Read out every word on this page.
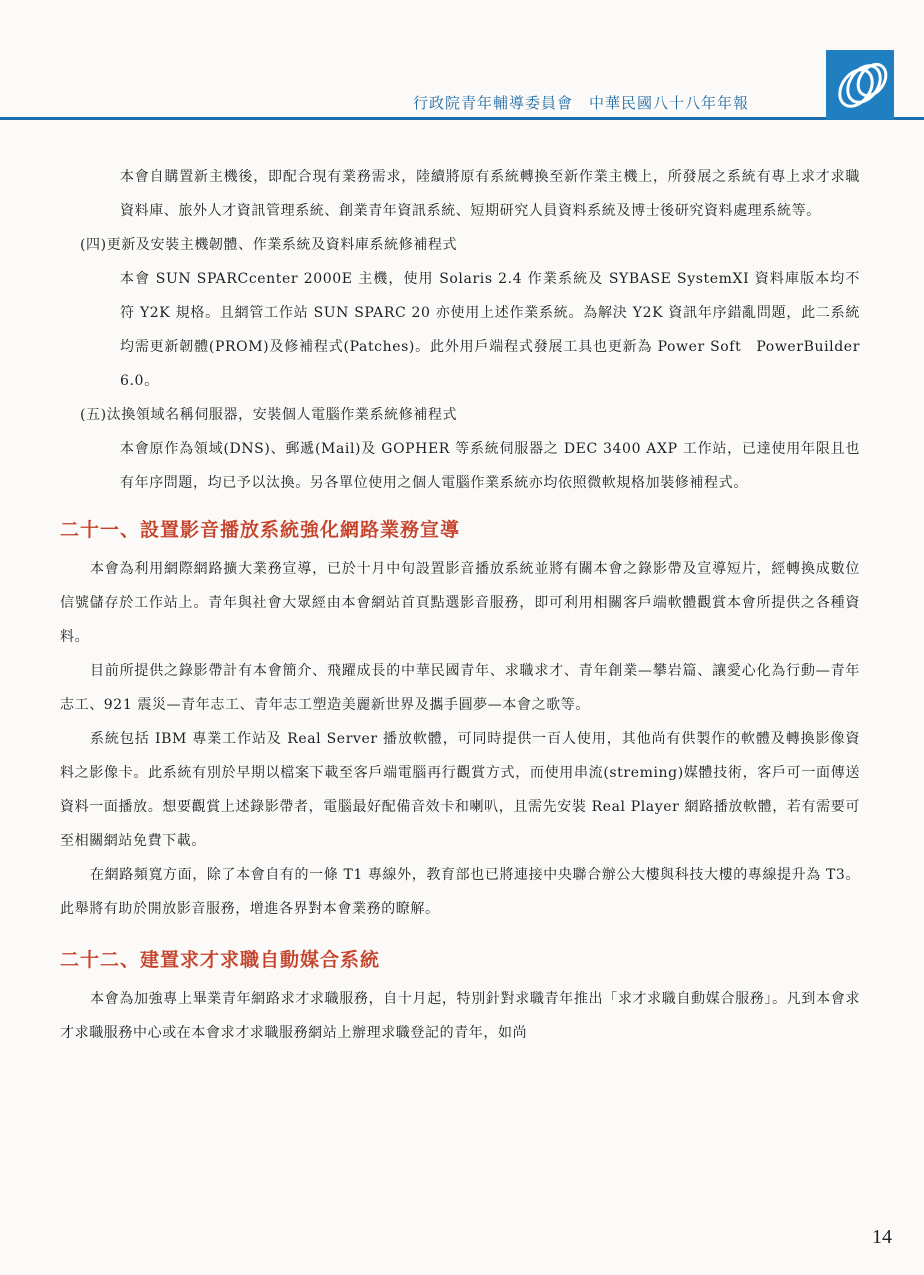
行政院青年輔導委員會　中華民國八十八年年報

本會自購置新主機後，即配合現有業務需求，陸續將原有系統轉換至新作業主機上，所發展之系統有專上求才求職資料庫、旅外人才資訊管理系統、創業青年資訊系統、短期研究人員資料系統及博士後研究資料處理系統等。

(四)更新及安裝主機韌體、作業系統及資料庫系統修補程式

本會 SUN SPARCcenter 2000E 主機，使用 Solaris 2.4 作業系統及 SYBASE SystemXI 資料庫版本均不符 Y2K 規格。且網管工作站 SUN SPARC 20 亦使用上述作業系統。為解決 Y2K 資訊年序錯亂問題，此二系統均需更新韌體(PROM)及修補程式(Patches)。此外用戶端程式發展工具也更新為 Power Soft　PowerBuilder 6.0。

(五)汰換領域名稱伺服器，安裝個人電腦作業系統修補程式

本會原作為領域(DNS)、郵遞(Mail)及 GOPHER 等系統伺服器之 DEC 3400 AXP 工作站，已達使用年限且也有年序問題，均已予以汰換。另各單位使用之個人電腦作業系統亦均依照微軟規格加裝修補程式。

二十一、設置影音播放系統強化網路業務宣導

本會為利用網際網路擴大業務宣導，已於十月中旬設置影音播放系統並將有關本會之錄影帶及宣導短片，經轉換成數位信號儲存於工作站上。青年與社會大眾經由本會網站首頁點選影音服務，即可利用相關客戶端軟體觀賞本會所提供之各種資料。

目前所提供之錄影帶計有本會簡介、飛躍成長的中華民國青年、求職求才、青年創業—攀岩篇、讓愛心化為行動—青年志工、921 震災—青年志工、青年志工塑造美麗新世界及攜手圓夢—本會之歌等。

系統包括 IBM 專業工作站及 Real Server 播放軟體，可同時提供一百人使用，其他尚有供製作的軟體及轉換影像資料之影像卡。此系統有別於早期以檔案下載至客戶端電腦再行觀賞方式，而使用串流(streming)媒體技術，客戶可一面傳送資料一面播放。想要觀賞上述錄影帶者，電腦最好配備音效卡和喇叭，且需先安裝 Real Player 網路播放軟體，若有需要可至相關網站免費下載。

在網路頻寬方面，除了本會自有的一條 T1 專線外，教育部也已將連接中央聯合辦公大樓與科技大樓的專線提升為 T3。此舉將有助於開放影音服務，增進各界對本會業務的瞭解。

二十二、建置求才求職自動媒合系統

本會為加強專上畢業青年網路求才求職服務，自十月起，特別針對求職青年推出「求才求職自動媒合服務」。凡到本會求才求職服務中心或在本會求才求職服務網站上辦理求職登記的青年，如尚

14
